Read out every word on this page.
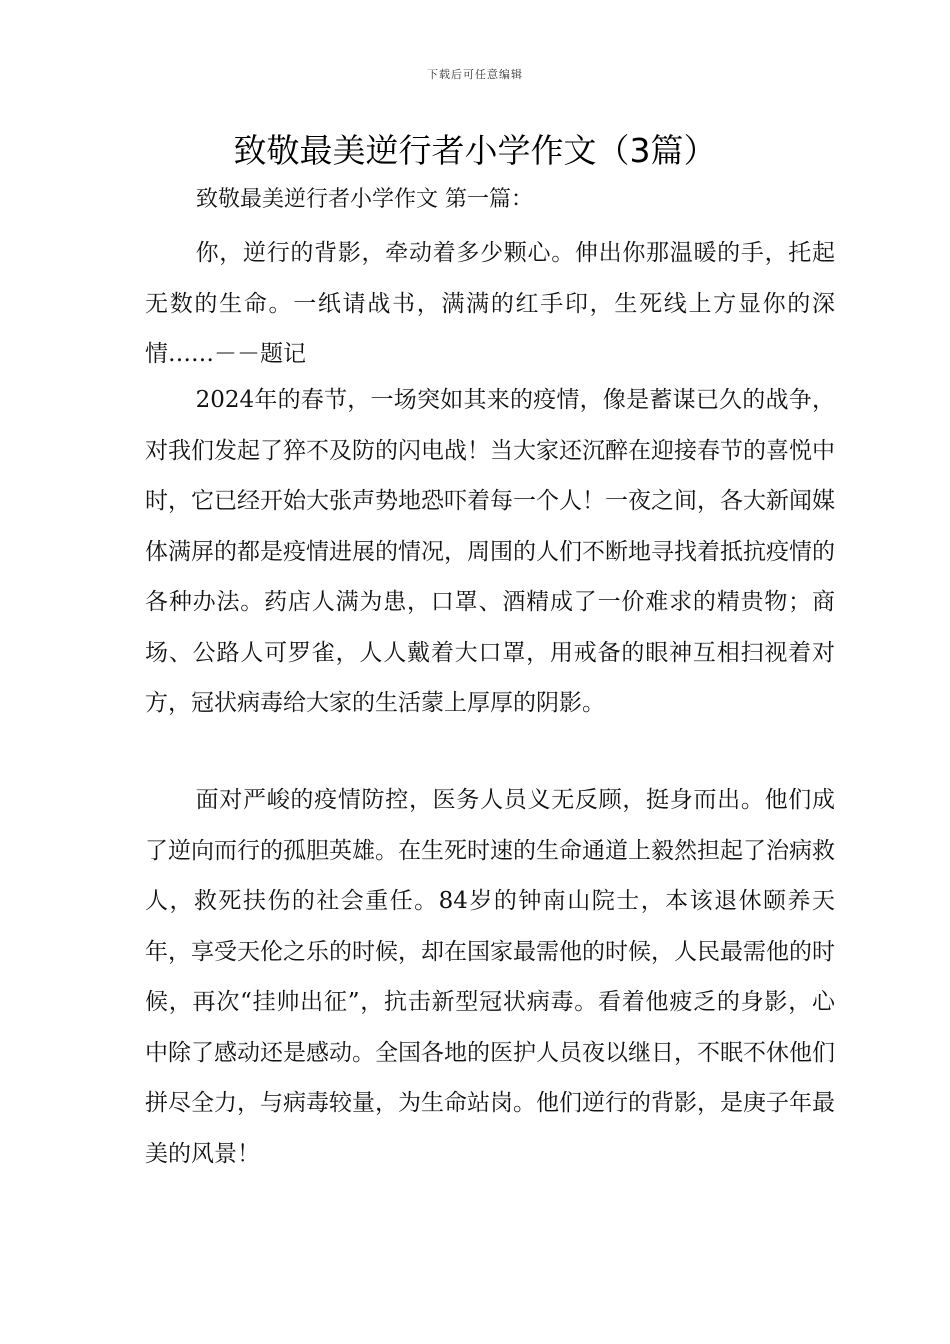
下载后可任意编辑
致敬最美逆行者小学作文（3篇）
致敬最美逆行者小学作文 第一篇：

你，逆行的背影，牵动着多少颗心。伸出你那温暖的手，托起无数的生命。一纸请战书，满满的红手印，生死线上方显你的深情……－－题记

2024年的春节，一场突如其来的疫情，像是蓄谋已久的战争，对我们发起了猝不及防的闪电战！当大家还沉醉在迎接春节的喜悦中时，它已经开始大张声势地恐吓着每一个人！一夜之间，各大新闻媒体满屏的都是疫情进展的情况，周围的人们不断地寻找着抵抗疫情的各种办法。药店人满为患，口罩、酒精成了一价难求的精贵物；商场、公路人可罗雀，人人戴着大口罩，用戒备的眼神互相扫视着对方，冠状病毒给大家的生活蒙上厚厚的阴影。

面对严峻的疫情防控，医务人员义无反顾，挺身而出。他们成了逆向而行的孤胆英雄。在生死时速的生命通道上毅然担起了治病救人，救死扶伤的社会重任。84岁的钟南山院士，本该退休颐养天年，享受天伦之乐的时候，却在国家最需他的时候，人民最需他的时候，再次“挂帅出征”，抗击新型冠状病毒。看着他疲乏的身影，心中除了感动还是感动。全国各地的医护人员夜以继日，不眠不休他们拼尽全力，与病毒较量，为生命站岗。他们逆行的背影，是庚子年最美的风景！
